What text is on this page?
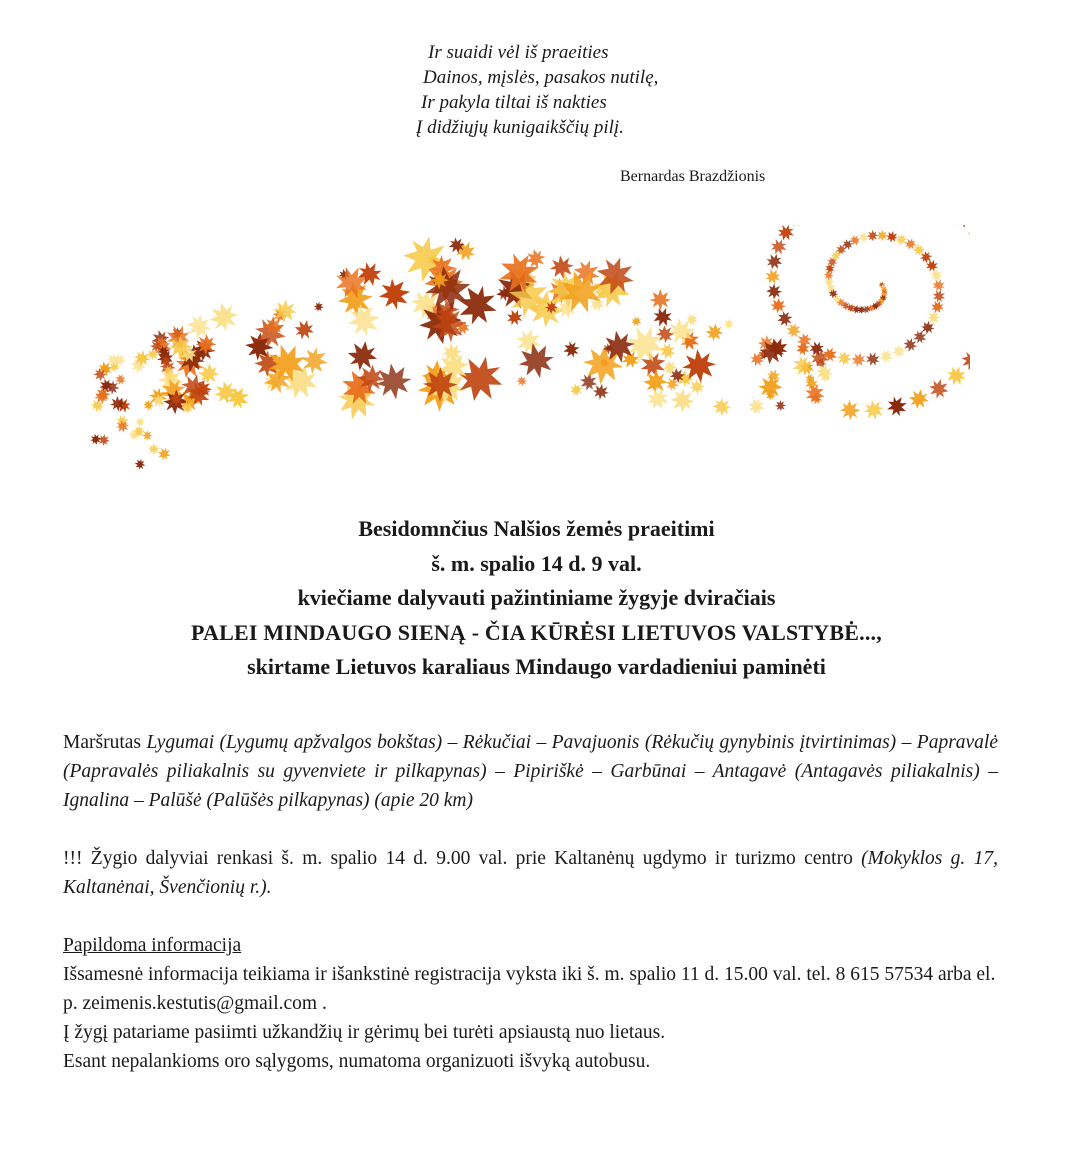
Ir suaidi vėl iš praeities
Dainos, mįslės, pasakos nutilę,
Ir pakyla tiltai iš nakties
Į didžiųjų kunigaikščių pilį.
Bernardas Brazdžionis
Besidomnčius Nalšios žemės praeitimi
š. m. spalio 14 d. 9 val.
kviečiame dalyvauti pažintiniame žygyje dviračiais
PALEI MINDAUGO SIENĄ - ČIA KŪRĖSI LIETUVOS VALSTYBĖ...,
skirtame Lietuvos karaliaus Mindaugo vardadieniui paminėti

Maršrutas Lygumai (Lygumų apžvalgos bokštas) – Rėkučiai – Pavajuonis (Rėkučių gynybinis įtvirtinimas) – Papravalė (Papravalės piliakalnis su gyvenviete ir pilkapynas) – Pipiriškė – Garbūnai – Antagavė (Antagavės piliakalnis) – Ignalina – Palūšė (Palūšės pilkapynas) (apie 20 km)

!!! Žygio dalyviai renkasi š. m. spalio 14 d. 9.00 val. prie Kaltanėnų ugdymo ir turizmo centro (Mokyklos g. 17, Kaltanėnai, Švenčionių r.).

Papildoma informacija
Išsamesnė informacija teikiama ir išankstinė registracija vyksta iki š. m. spalio 11 d. 15.00 val. tel. 8 615 57534 arba el. p. zeimenis.kestutis@gmail.com .
Į žygį patariame pasiimti užkandžių ir gėrimų bei turėti apsiaustą nuo lietaus.
Esant nepalankioms oro sąlygoms, numatoma organizuoti išvyką autobusu.
